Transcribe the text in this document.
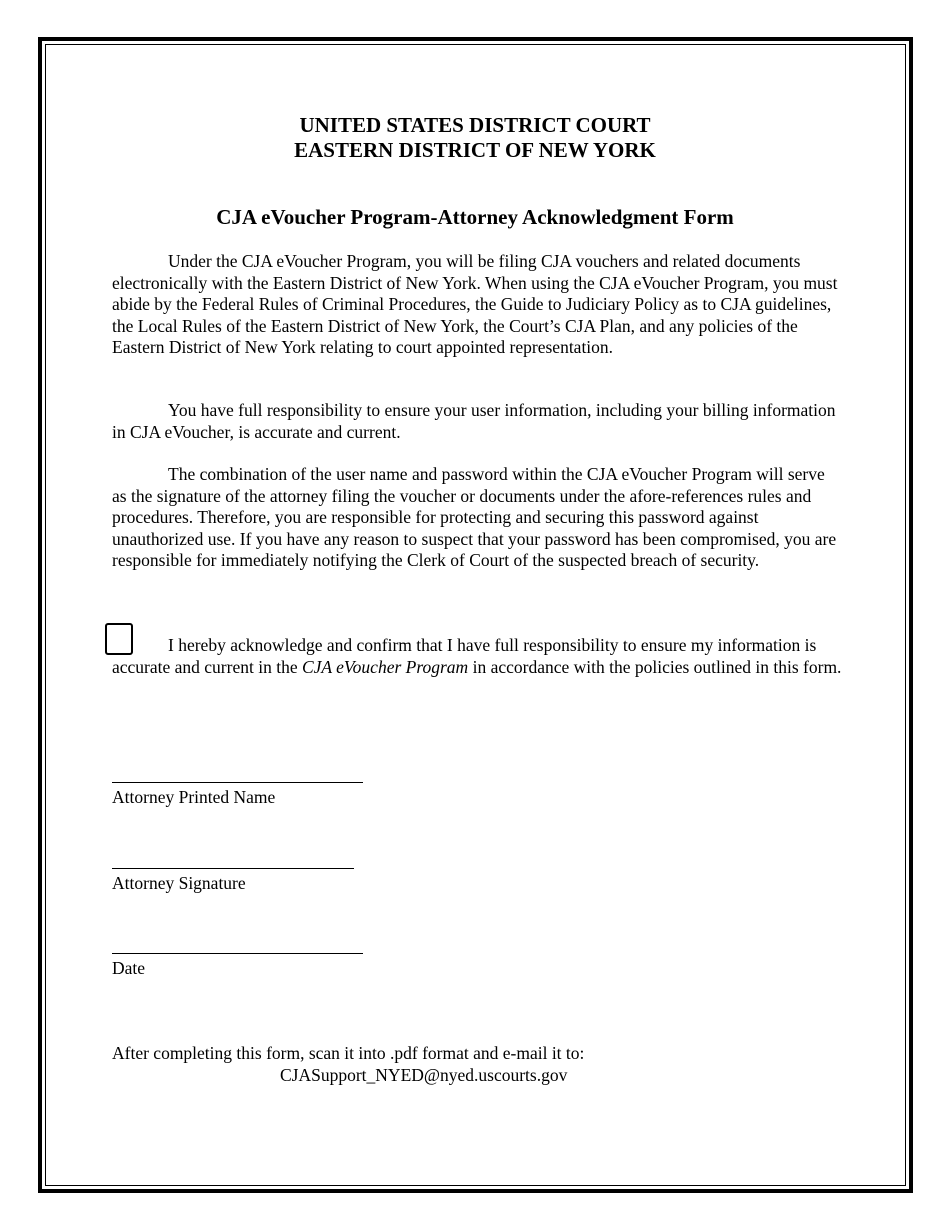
UNITED STATES DISTRICT COURT
EASTERN DISTRICT OF NEW YORK
CJA eVoucher Program-Attorney Acknowledgment Form

Under the CJA eVoucher Program, you will be filing CJA vouchers and related documents electronically with the Eastern District of New York. When using the CJA eVoucher Program, you must abide by the Federal Rules of Criminal Procedures, the Guide to Judiciary Policy as to CJA guidelines, the Local Rules of the Eastern District of New York, the Court’s CJA Plan, and any policies of the Eastern District of New York relating to court appointed representation.

You have full responsibility to ensure your user information, including your billing information in CJA eVoucher, is accurate and current.

The combination of the user name and password within the CJA eVoucher Program will serve as the signature of the attorney filing the voucher or documents under the afore-references rules and procedures. Therefore, you are responsible for protecting and securing this password against unauthorized use. If you have any reason to suspect that your password has been compromised, you are responsible for immediately notifying the Clerk of Court of the suspected breach of security.

I hereby acknowledge and confirm that I have full responsibility to ensure my information is accurate and current in the CJA eVoucher Program in accordance with the policies outlined in this form.

Attorney Printed Name
Attorney Signature
Date
After completing this form, scan it into .pdf format and e-mail it to:
CJASupport_NYED@nyed.uscourts.gov
